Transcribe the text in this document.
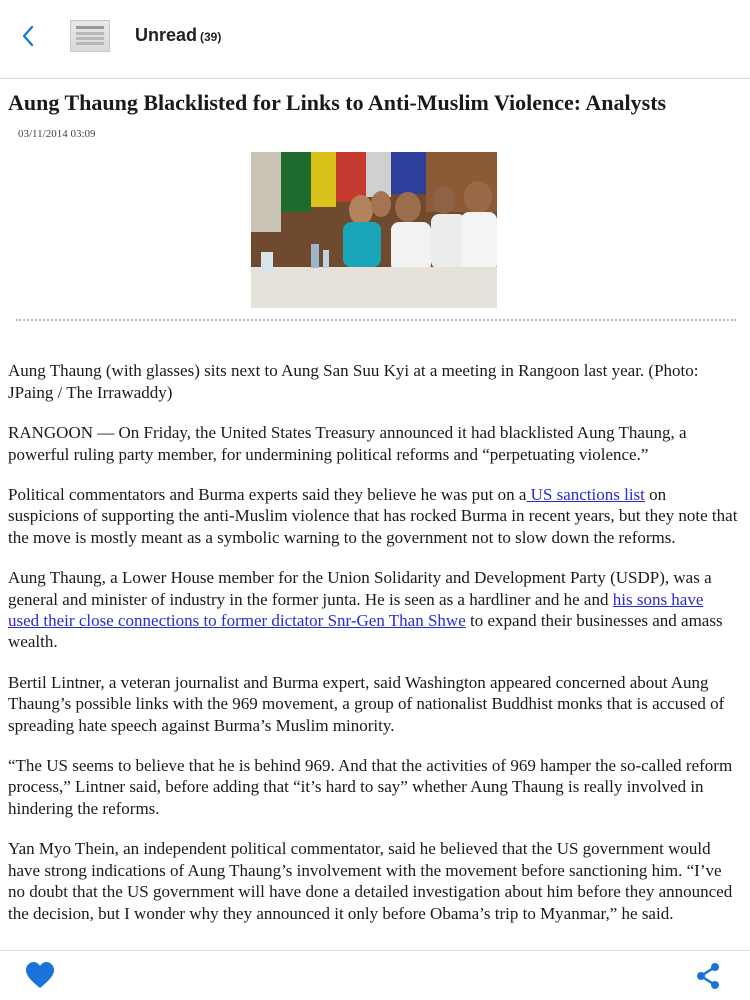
Unread (39)
Aung Thaung Blacklisted for Links to Anti-Muslim Violence: Analysts
03/11/2014 03:09
Aung Thaung (with glasses) sits next to Aung San Suu Kyi at a meeting in Rangoon last year. (Photo: JPaing / The Irrawaddy)
RANGOON — On Friday, the United States Treasury announced it had blacklisted Aung Thaung, a powerful ruling party member, for undermining political reforms and “perpetuating violence.”
Political commentators and Burma experts said they believe he was put on a US sanctions list on suspicions of supporting the anti-Muslim violence that has rocked Burma in recent years, but they note that the move is mostly meant as a symbolic warning to the government not to slow down the reforms.
Aung Thaung, a Lower House member for the Union Solidarity and Development Party (USDP), was a general and minister of industry in the former junta. He is seen as a hardliner and he and his sons have used their close connections to former dictator Snr-Gen Than Shwe to expand their businesses and amass wealth.
Bertil Lintner, a veteran journalist and Burma expert, said Washington appeared concerned about Aung Thaung’s possible links with the 969 movement, a group of nationalist Buddhist monks that is accused of spreading hate speech against Burma’s Muslim minority.
“The US seems to believe that he is behind 969. And that the activities of 969 hamper the so-called reform process,” Lintner said, before adding that “it’s hard to say” whether Aung Thaung is really involved in hindering the reforms.
Yan Myo Thein, an independent political commentator, said he believed that the US government would have strong indications of Aung Thaung’s involvement with the movement before sanctioning him. “I’ve no doubt that the US government will have done a detailed investigation about him before they announced the decision, but I wonder why they announced it only before Obama’s trip to Myanmar,” he said.
